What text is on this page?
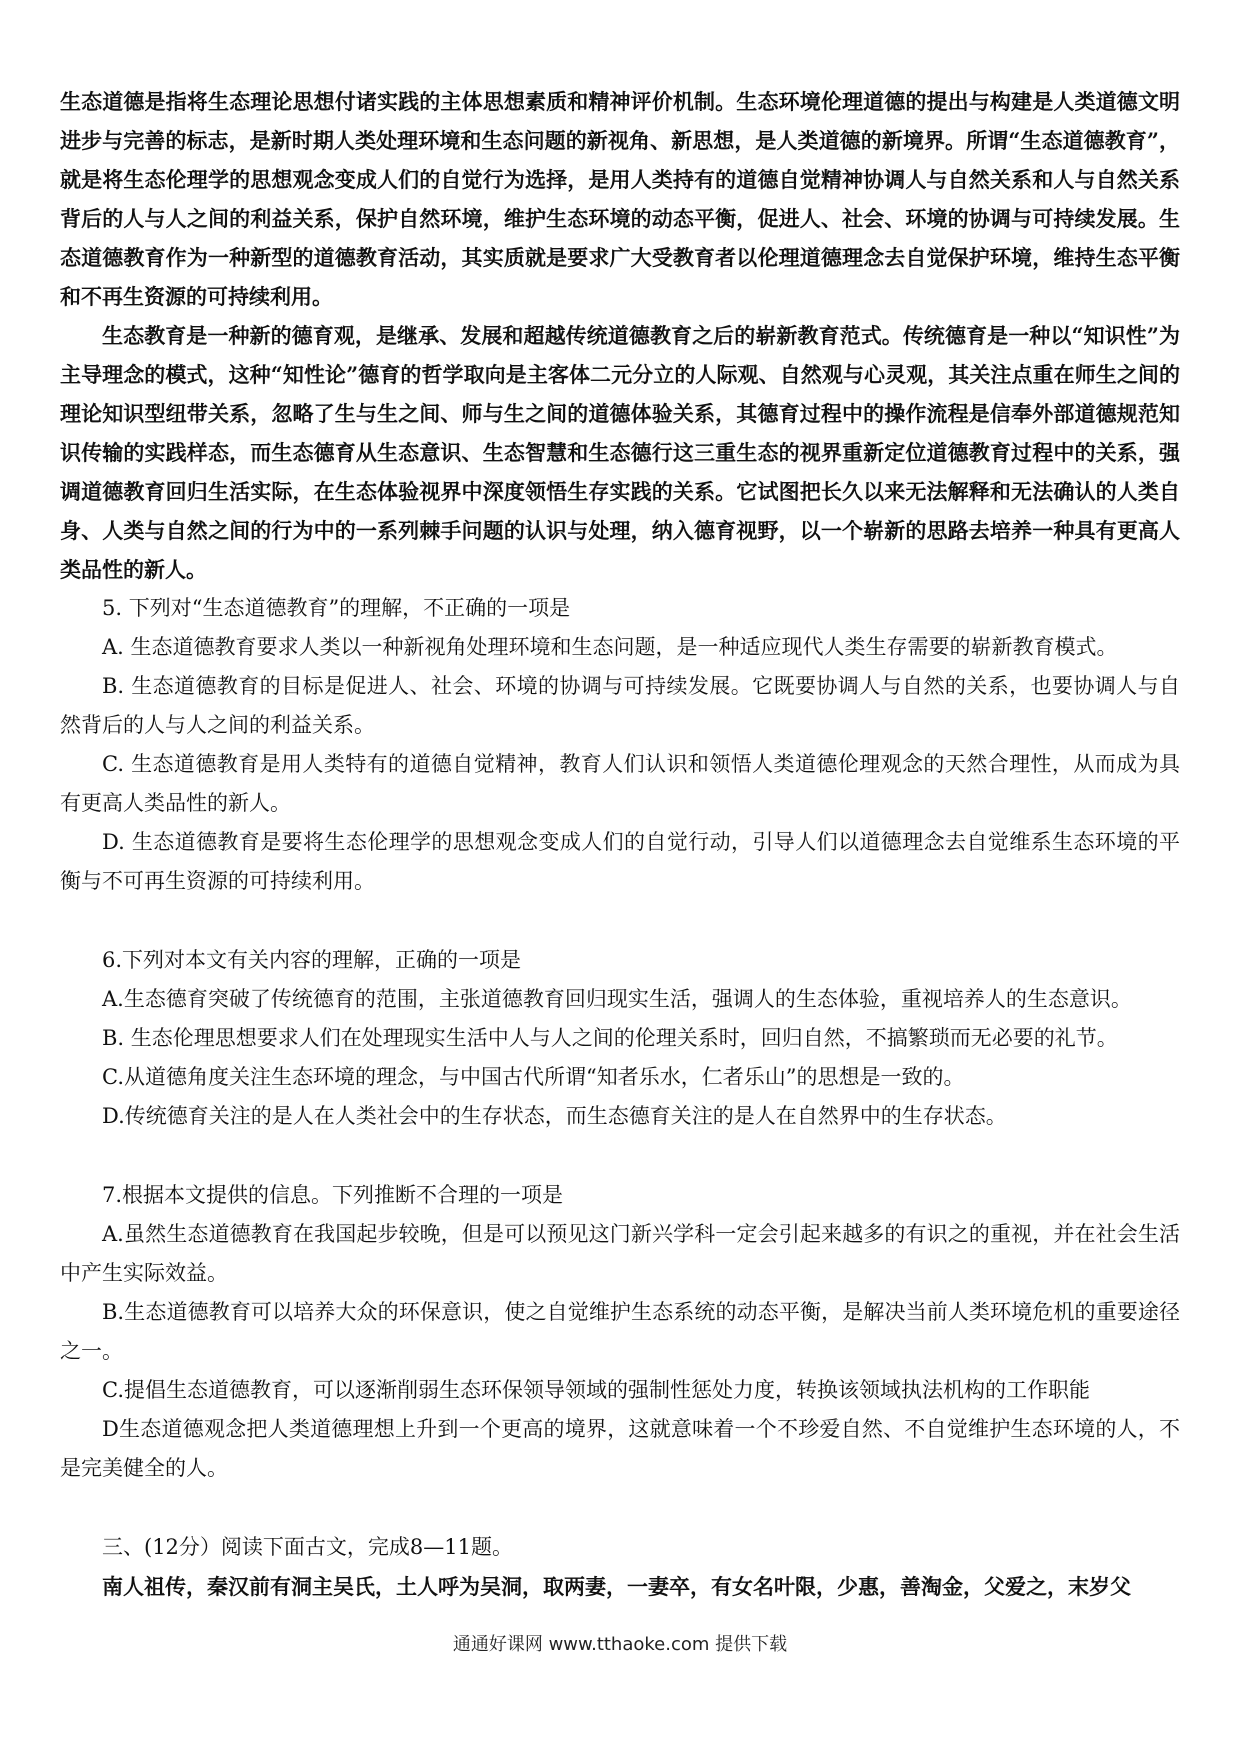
生态道德是指将生态理论思想付诸实践的主体思想素质和精神评价机制。生态环境伦理道德的提出与构建是人类道德文明进步与完善的标志，是新时期人类处理环境和生态问题的新视角、新思想，是人类道德的新境界。所谓“生态道德教育”，就是将生态伦理学的思想观念变成人们的自觉行为选择，是用人类持有的道德自觉精神协调人与自然关系和人与自然关系背后的人与人之间的利益关系，保护自然环境，维护生态环境的动态平衡，促进人、社会、环境的协调与可持续发展。生态道德教育作为一种新型的道德教育活动，其实质就是要求广大受教育者以伦理道德理念去自觉保护环境，维持生态平衡和不再生资源的可持续利用。

生态教育是一种新的德育观，是继承、发展和超越传统道德教育之后的崭新教育范式。传统德育是一种以“知识性”为主导理念的模式，这种“知性论”德育的哲学取向是主客体二元分立的人际观、自然观与心灵观，其关注点重在师生之间的理论知识型纽带关系，忽略了生与生之间、师与生之间的道德体验关系，其德育过程中的操作流程是信奉外部道德规范知识传输的实践样态，而生态德育从生态意识、生态智慧和生态德行这三重生态的视界重新定位道德教育过程中的关系，强调道德教育回归生活实际，在生态体验视界中深度领悟生存实践的关系。它试图把长久以来无法解释和无法确认的人类自身、人类与自然之间的行为中的一系列棘手问题的认识与处理，纳入德育视野，以一个崭新的思路去培养一种具有更高人类品性的新人。

5. 下列对“生态道德教育”的理解，不正确的一项是

A. 生态道德教育要求人类以一种新视角处理环境和生态问题，是一种适应现代人类生存需要的崭新教育模式。

B. 生态道德教育的目标是促进人、社会、环境的协调与可持续发展。它既要协调人与自然的关系，也要协调人与自然背后的人与人之间的利益关系。

C. 生态道德教育是用人类特有的道德自觉精神，教育人们认识和领悟人类道德伦理观念的天然合理性，从而成为具有更高人类品性的新人。

D. 生态道德教育是要将生态伦理学的思想观念变成人们的自觉行动，引导人们以道德理念去自觉维系生态环境的平衡与不可再生资源的可持续利用。

6.下列对本文有关内容的理解，正确的一项是

A.生态德育突破了传统德育的范围，主张道德教育回归现实生活，强调人的生态体验，重视培养人的生态意识。

B. 生态伦理思想要求人们在处理现实生活中人与人之间的伦理关系时，回归自然，不搞繁琐而无必要的礼节。

C.从道德角度关注生态环境的理念，与中国古代所谓“知者乐水，仁者乐山”的思想是一致的。

D.传统德育关注的是人在人类社会中的生存状态，而生态德育关注的是人在自然界中的生存状态。

7.根据本文提供的信息。下列推断不合理的一项是

A.虽然生态道德教育在我国起步较晚，但是可以预见这门新兴学科一定会引起来越多的有识之的重视，并在社会生活中产生实际效益。

B.生态道德教育可以培养大众的环保意识，使之自觉维护生态系统的动态平衡，是解决当前人类环境危机的重要途径之一。

C.提倡生态道德教育，可以逐渐削弱生态环保领导领域的强制性惩处力度，转换该领域执法机构的工作职能

D生态道德观念把人类道德理想上升到一个更高的境界，这就意味着一个不珍爱自然、不自觉维护生态环境的人，不是完美健全的人。

三、(12分）阅读下面古文，完成8—11题。

南人祖传，秦汉前有洞主吴氏，土人呼为吴洞，取两妻，一妻卒，有女名叶限，少惠，善淘金，父爱之，末岁父

通通好课网 www.tthaoke.com 提供下载
